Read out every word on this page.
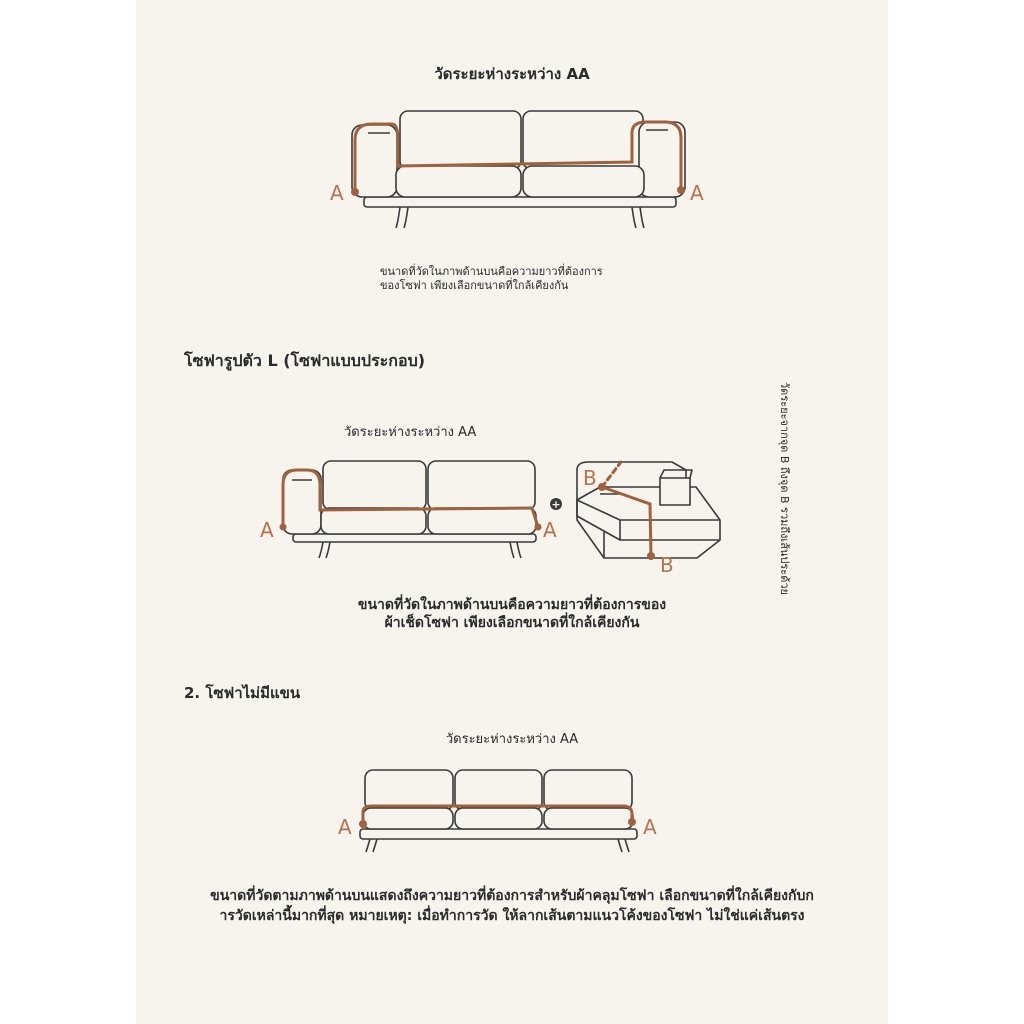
วัดระยะห่างระหว่าง AA

ขนาดที่วัดในภาพด้านบนคือความยาวที่ต้องการ
ของโซฟา เพียงเลือกขนาดที่ใกล้เคียงกัน

โซฟารูปตัว L (โซฟาแบบประกอบ)

วัดระยะห่างระหว่าง AA

ขนาดที่วัดในภาพด้านบนคือความยาวที่ต้องการของ
ผ้าเช็ดโซฟา เพียงเลือกขนาดที่ใกล้เคียงกัน

วัดระยะจากจุด B ถึงจุด B รวมถึงเส้นประด้วย

2. โซฟาไม่มีแขน

วัดระยะห่างระหว่าง AA

ขนาดที่วัดตามภาพด้านบนแสดงถึงความยาวที่ต้องการสำหรับผ้าคลุมโซฟา เลือกขนาดที่ใกล้เคียงกับก
ารวัดเหล่านี้มากที่สุด หมายเหตุ: เมื่อทำการวัด ให้ลากเส้นตามแนวโค้งของโซฟา ไม่ใช่แค่เส้นตรง

A	A
A	A
+
B
B
A	A
